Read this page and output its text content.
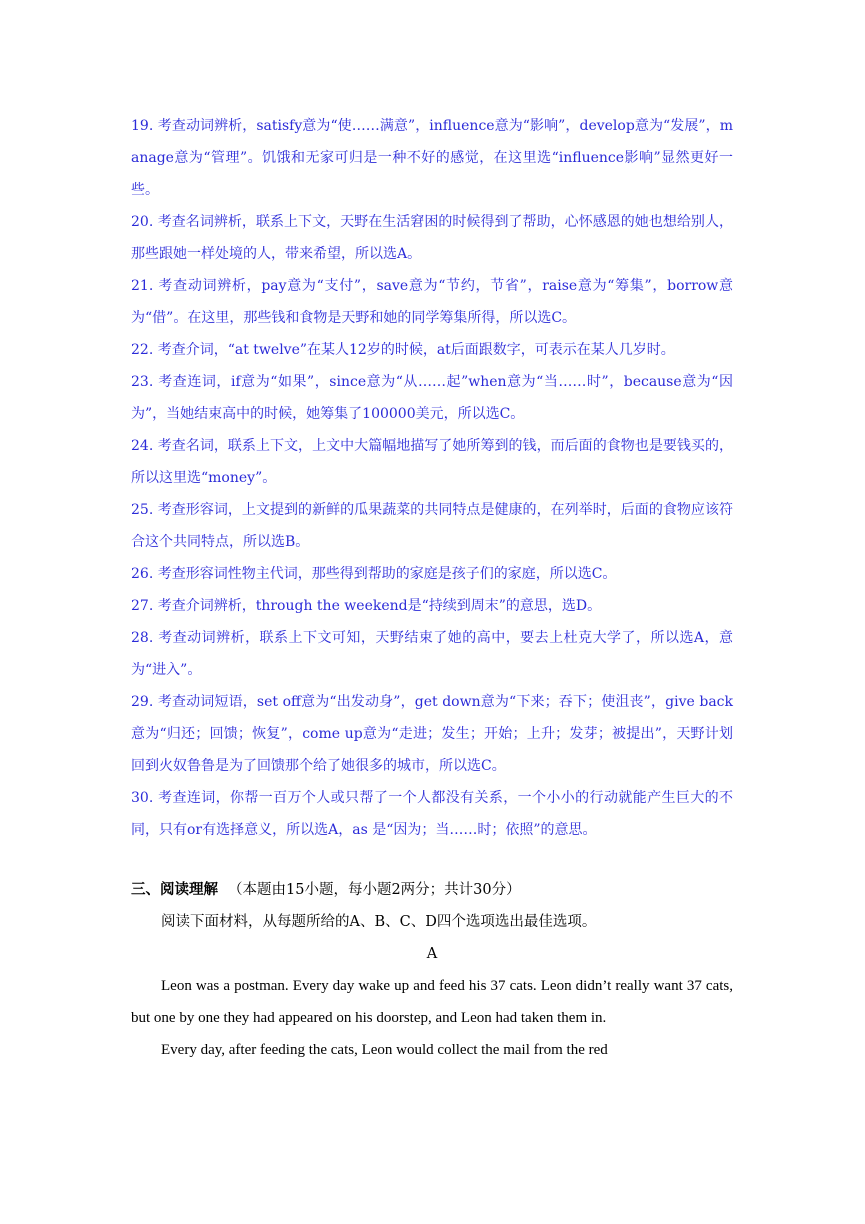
19. 考查动词辨析，satisfy意为“使……满意”，influence意为“影响”，develop意为“发展”，manage意为“管理”。饥饿和无家可归是一种不好的感觉，在这里选“influence影响”显然更好一些。

20. 考查名词辨析，联系上下文，天野在生活窘困的时候得到了帮助，心怀感恩的她也想给别人，那些跟她一样处境的人，带来希望，所以选A。

21. 考查动词辨析，pay意为“支付”，save意为“节约，节省”，raise意为“筹集”，borrow意为“借”。在这里，那些钱和食物是天野和她的同学筹集所得，所以选C。

22. 考查介词，“at twelve”在某人12岁的时候，at后面跟数字，可表示在某人几岁时。

23. 考查连词，if意为“如果”，since意为“从……起”when意为“当……时”，because意为“因为”，当她结束高中的时候，她筹集了100000美元，所以选C。

24. 考查名词，联系上下文，上文中大篇幅地描写了她所筹到的钱，而后面的食物也是要钱买的，所以这里选“money”。

25. 考查形容词，上文提到的新鲜的瓜果蔬菜的共同特点是健康的，在列举时，后面的食物应该符合这个共同特点，所以选B。

26. 考查形容词性物主代词，那些得到帮助的家庭是孩子们的家庭，所以选C。

27. 考查介词辨析，through the weekend是“持续到周末”的意思，选D。

28. 考查动词辨析，联系上下文可知，天野结束了她的高中，要去上杜克大学了，所以选A，意为“进入”。

29. 考查动词短语，set off意为“出发动身”，get down意为“下来；吞下；使沮丧”，give back意为“归还；回馈；恢复”，come up意为“走进；发生；开始；上升；发芽；被提出”，天野计划回到火奴鲁鲁是为了回馈那个给了她很多的城市，所以选C。

30. 考查连词，你帮一百万个人或只帮了一个人都没有关系，一个小小的行动就能产生巨大的不同，只有or有选择意义，所以选A，as 是“因为；当……时；依照”的意思。

三、阅读理解 （本题由15小题，每小题2两分；共计30分）

阅读下面材料，从每题所给的A、B、C、D四个选项选出最佳选项。

A

Leon was a postman. Every day wake up and feed his 37 cats. Leon didn’t really want 37 cats, but one by one they had appeared on his doorstep, and Leon had taken them in.

Every day, after feeding the cats, Leon would collect the mail from the red
